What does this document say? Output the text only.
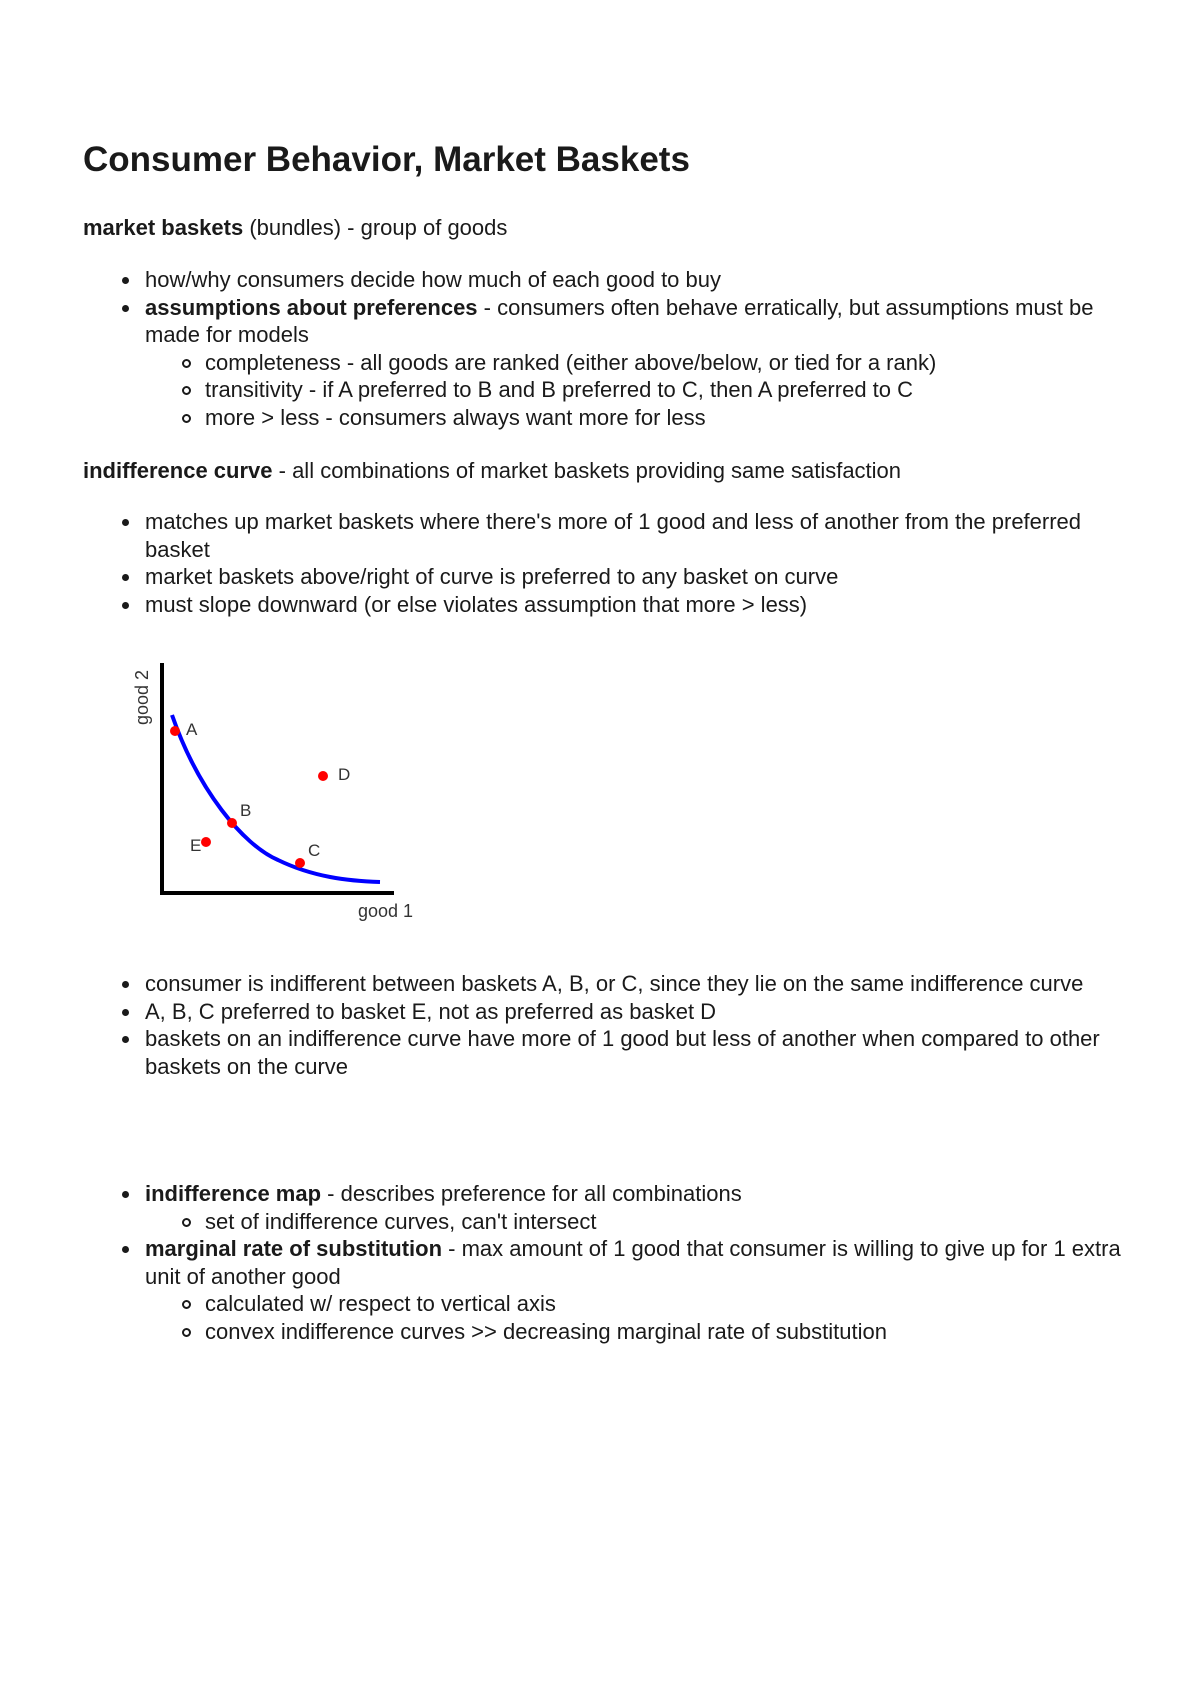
Consumer Behavior, Market Baskets

market baskets (bundles) - group of goods

how/why consumers decide how much of each good to buy
assumptions about preferences - consumers often behave erratically, but assumptions must be made for models
completeness - all goods are ranked (either above/below, or tied for a rank)
transitivity - if A preferred to B and B preferred to C, then A preferred to C
more > less - consumers always want more for less

indifference curve - all combinations of market baskets providing same satisfaction

matches up market baskets where there's more of 1 good and less of another from the preferred basket
market baskets above/right of curve is preferred to any basket on curve
must slope downward (or else violates assumption that more > less)
good 1
good 2
A
B
C
D
E
consumer is indifferent between baskets A, B, or C, since they lie on the same indifference curve
A, B, C preferred to basket E, not as preferred as basket D
baskets on an indifference curve have more of 1 good but less of another when compared to other baskets on the curve
indifference map - describes preference for all combinations
set of indifference curves, can't intersect
marginal rate of substitution - max amount of 1 good that consumer is willing to give up for 1 extra unit of another good
calculated w/ respect to vertical axis
convex indifference curves >> decreasing marginal rate of substitution
